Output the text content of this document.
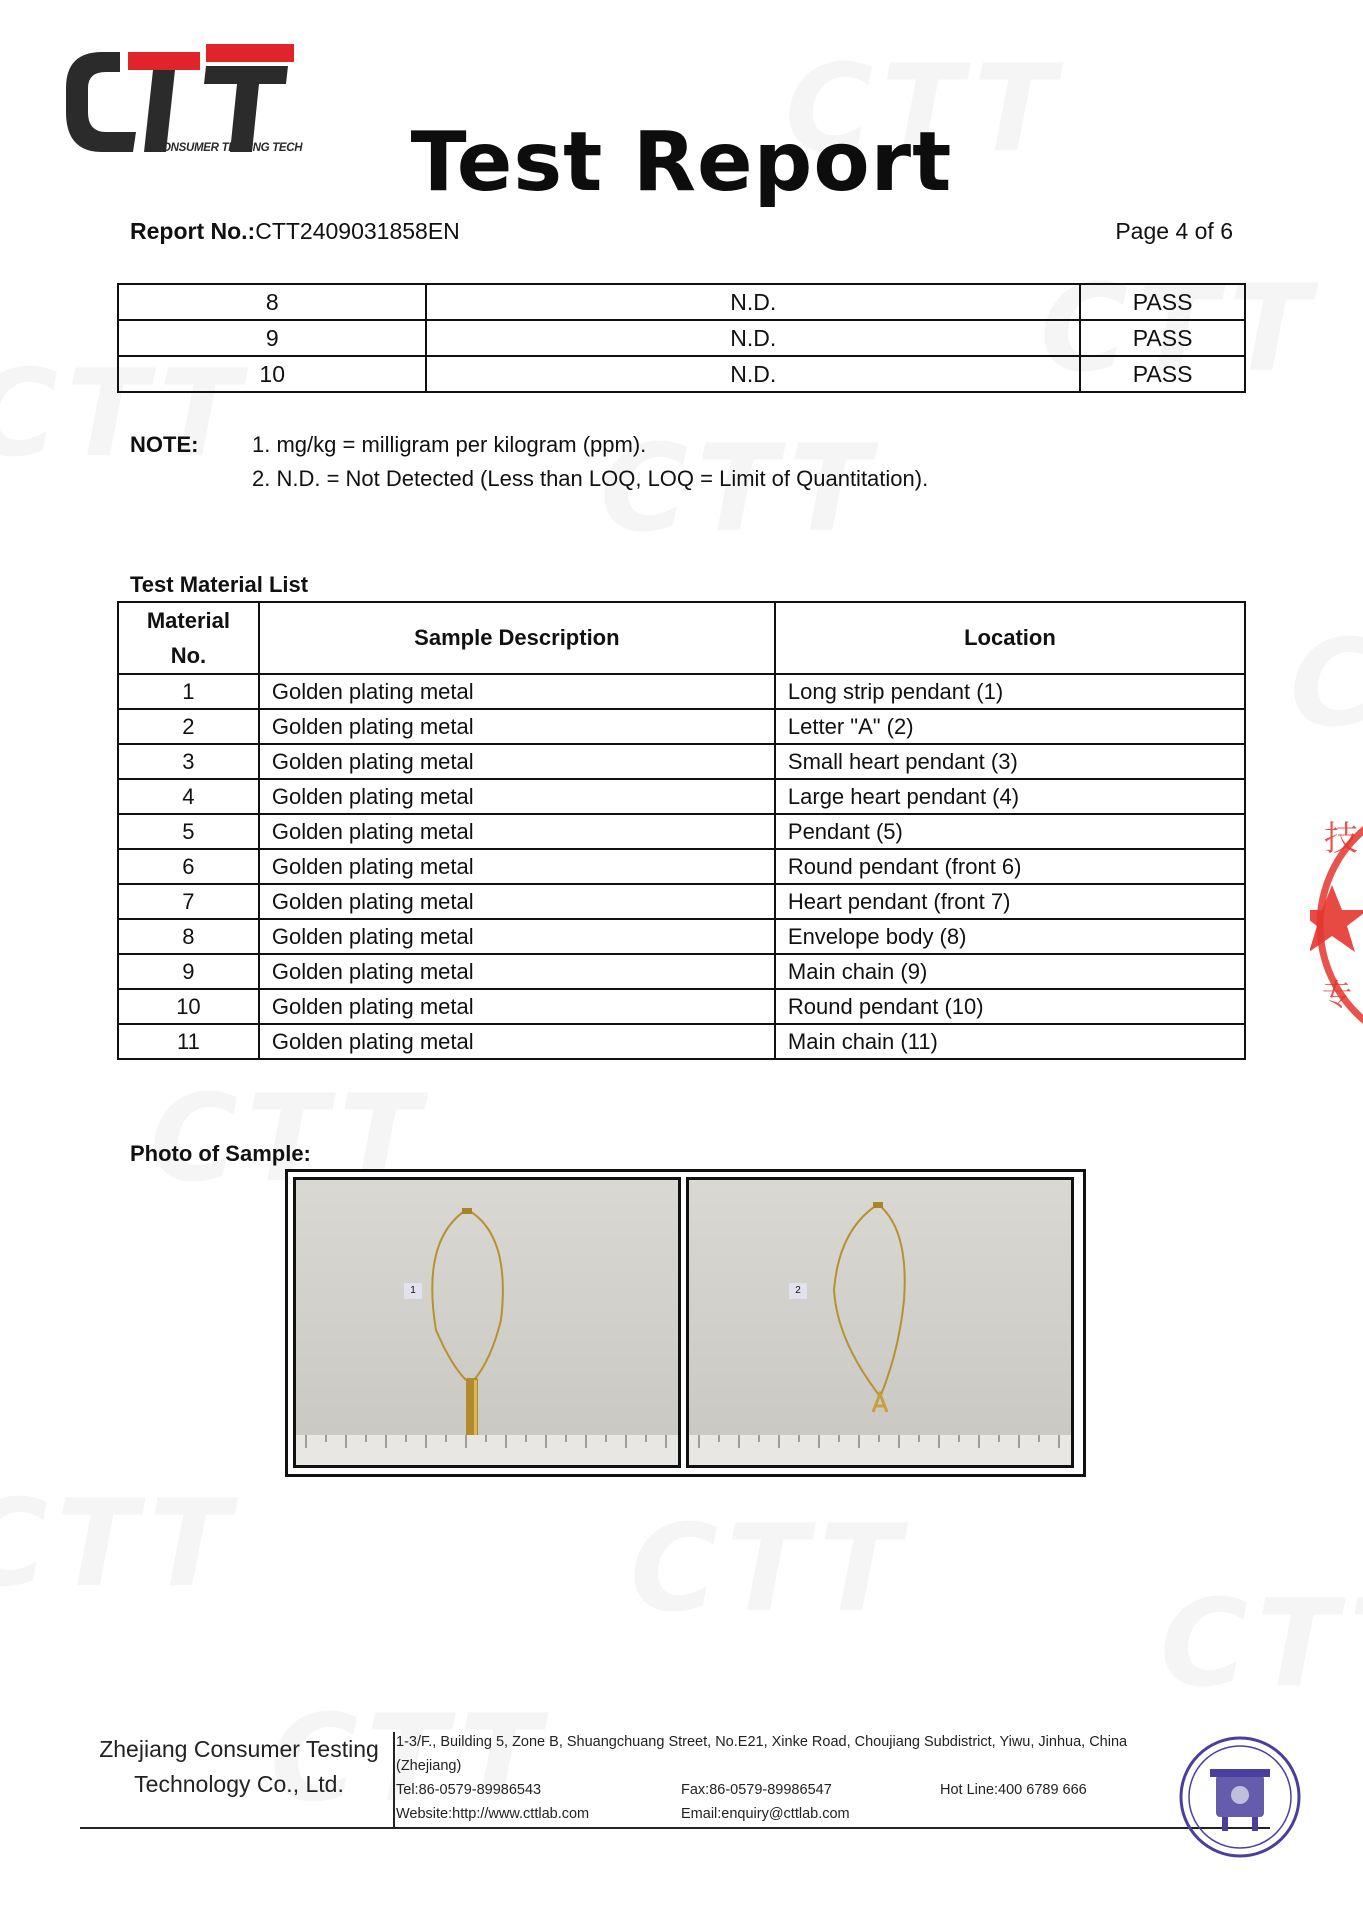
CONSUMER TESTING TECH	Test Report
Report No.:CTT2409031858EN	Page 4 of 6
8	N.D.	PASS
9	N.D.	PASS
10	N.D.	PASS
NOTE: 1. mg/kg = milligram per kilogram (ppm).
2. N.D. = Not Detected (Less than LOQ, LOQ = Limit of Quantitation).
Test Material List
Material
No.	Sample Description	Location
1	Golden plating metal	Long strip pendant (1)
2	Golden plating metal	Letter "A" (2)
3	Golden plating metal	Small heart pendant (3)
4	Golden plating metal	Large heart pendant (4)
5	Golden plating metal	Pendant (5)
6	Golden plating metal	Round pendant (front 6)
7	Golden plating metal	Heart pendant (front 7)
8	Golden plating metal	Envelope body (8)
9	Golden plating metal	Main chain (9)
10	Golden plating metal	Round pendant (10)
11	Golden plating metal	Main chain (11)
Photo of Sample:
1	2
技
专
Zhejiang Consumer Testing
Technology Co., Ltd.
1-3/F., Building 5, Zone B, Shuangchuang Street, No.E21, Xinke Road, Choujiang Subdistrict, Yiwu, Jinhua, China
(Zhejiang)
Tel:86-0579-89986543	Fax:86-0579-89986547	Hot Line:400 6789 666
Website:http://www.cttlab.com	Email:enquiry@cttlab.com
